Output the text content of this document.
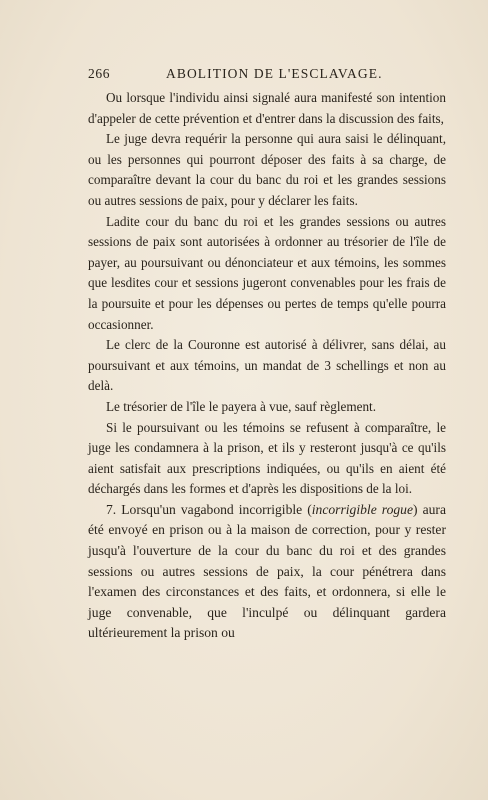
266	ABOLITION DE L'ESCLAVAGE.

Ou lorsque l'individu ainsi signalé aura manifesté son intention d'appeler de cette prévention et d'entrer dans la discussion des faits,

Le juge devra requérir la personne qui aura saisi le délinquant, ou les personnes qui pourront déposer des faits à sa charge, de comparaître devant la cour du banc du roi et les grandes sessions ou autres sessions de paix, pour y déclarer les faits.

Ladite cour du banc du roi et les grandes sessions ou autres sessions de paix sont autorisées à ordonner au trésorier de l'île de payer, au poursuivant ou dénonciateur et aux témoins, les sommes que lesdites cour et sessions jugeront convenables pour les frais de la poursuite et pour les dépenses ou pertes de temps qu'elle pourra occasionner.

Le clerc de la Couronne est autorisé à délivrer, sans délai, au poursuivant et aux témoins, un mandat de 3 schellings et non au delà.

Le trésorier de l'île le payera à vue, sauf règlement.

Si le poursuivant ou les témoins se refusent à comparaître, le juge les condamnera à la prison, et ils y resteront jusqu'à ce qu'ils aient satisfait aux prescriptions indiquées, ou qu'ils en aient été déchargés dans les formes et d'après les dispositions de la loi.

7. Lorsqu'un vagabond incorrigible (incorrigible rogue) aura été envoyé en prison ou à la maison de correction, pour y rester jusqu'à l'ouverture de la cour du banc du roi et des grandes sessions ou autres sessions de paix, la cour pénétrera dans l'examen des circonstances et des faits, et ordonnera, si elle le juge convenable, que l'inculpé ou délinquant gardera ultérieurement la prison ou
